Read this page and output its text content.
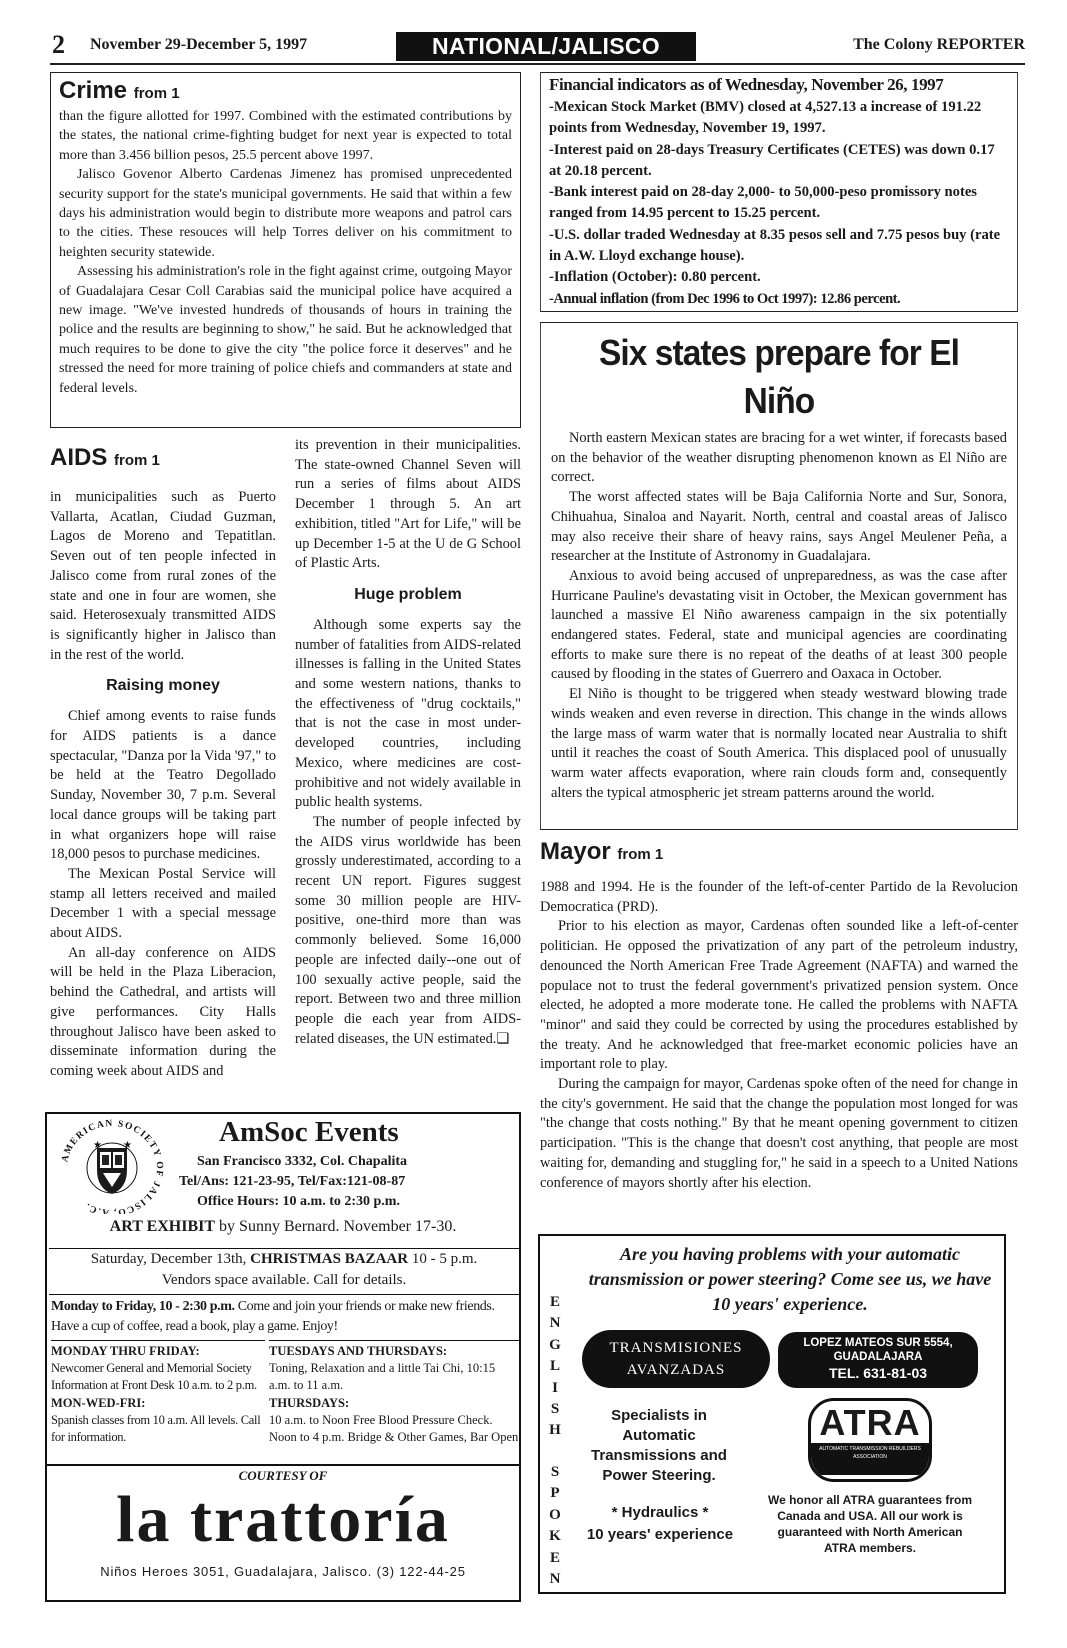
2 November 29-December 5, 1997	NATIONAL/JALISCO	The Colony REPORTER
Crime from 1

than the figure allotted for 1997. Combined with the estimated contributions by the states, the national crime-fighting budget for next year is expected to total more than 3.456 billion pesos, 25.5 percent above 1997.

Jalisco Govenor Alberto Cardenas Jimenez has promised unprecedented security support for the state's municipal governments. He said that within a few days his administration would begin to distribute more weapons and patrol cars to the cities. These resouces will help Torres deliver on his commitment to heighten security statewide.

Assessing his administration's role in the fight against crime, outgoing Mayor of Guadalajara Cesar Coll Carabias said the municipal police have acquired a new image. "We've invested hundreds of thousands of hours in training the police and the results are beginning to show," he said. But he acknowledged that much requires to be done to give the city "the police force it deserves" and he stressed the need for more training of police chiefs and commanders at state and federal levels.

AIDS from 1

in municipalities such as Puerto Vallarta, Acatlan, Ciudad Guzman, Lagos de Moreno and Tepatitlan. Seven out of ten people infected in Jalisco come from rural zones of the state and one in four are women, she said. Heterosexualy transmitted AIDS is significantly higher in Jalisco than in the rest of the world.

Raising money

Chief among events to raise funds for AIDS patients is a dance spectacular, "Danza por la Vida '97," to be held at the Teatro Degollado Sunday, November 30, 7 p.m. Several local dance groups will be taking part in what organizers hope will raise 18,000 pesos to purchase medicines.

The Mexican Postal Service will stamp all letters received and mailed December 1 with a special message about AIDS.

An all-day conference on AIDS will be held in the Plaza Liberacion, behind the Cathedral, and artists will give performances. City Halls throughout Jalisco have been asked to disseminate information during the coming week about AIDS and

its prevention in their municipalities. The state-owned Channel Seven will run a series of films about AIDS December 1 through 5. An art exhibition, titled "Art for Life," will be up December 1-5 at the U de G School of Plastic Arts.

Huge problem

Although some experts say the number of fatalities from AIDS-related illnesses is falling in the United States and some western nations, thanks to the effectiveness of "drug cocktails," that is not the case in most under-developed countries, including Mexico, where medicines are cost-prohibitive and not widely available in public health systems.

The number of people infected by the AIDS virus worldwide has been grossly underestimated, according to a recent UN report. Figures suggest some 30 million people are HIV-positive, one-third more than was commonly believed. Some 16,000 people are infected daily--one out of 100 sexually active people, said the report. Between two and three million people die each year from AIDS-related diseases, the UN estimated.❑

Financial indicators as of Wednesday, November 26, 1997

-Mexican Stock Market (BMV) closed at 4,527.13 a increase of 191.22 points from Wednesday, November 19, 1997.

-Interest paid on 28-days Treasury Certificates (CETES) was down 0.17 at 20.18 percent.

-Bank interest paid on 28-day 2,000- to 50,000-peso promissory notes ranged from 14.95 percent to 15.25 percent.

-U.S. dollar traded Wednesday at 8.35 pesos sell and 7.75 pesos buy (rate in A.W. Lloyd exchange house).

-Inflation (October): 0.80 percent.

-Annual inflation (from Dec 1996 to Oct 1997): 12.86 percent.

Six states prepare for El Niño

North eastern Mexican states are bracing for a wet winter, if forecasts based on the behavior of the weather disrupting phenomenon known as El Niño are correct.

The worst affected states will be Baja California Norte and Sur, Sonora, Chihuahua, Sinaloa and Nayarit. North, central and coastal areas of Jalisco may also receive their share of heavy rains, says Angel Meulener Peña, a researcher at the Institute of Astronomy in Guadalajara.

Anxious to avoid being accused of unpreparedness, as was the case after Hurricane Pauline's devastating visit in October, the Mexican government has launched a massive El Niño awareness campaign in the six potentially endangered states. Federal, state and municipal agencies are coordinating efforts to make sure there is no repeat of the deaths of at least 300 people caused by flooding in the states of Guerrero and Oaxaca in October.

El Niño is thought to be triggered when steady westward blowing trade winds weaken and even reverse in direction. This change in the winds allows the large mass of warm water that is normally located near Australia to shift until it reaches the coast of South America. This displaced pool of unusually warm water affects evaporation, where rain clouds form and, consequently alters the typical atmospheric jet stream patterns around the world.

Mayor from 1

1988 and 1994. He is the founder of the left-of-center Partido de la Revolucion Democratica (PRD).

Prior to his election as mayor, Cardenas often sounded like a left-of-center politician. He opposed the privatization of any part of the petroleum industry, denounced the North American Free Trade Agreement (NAFTA) and warned the populace not to trust the federal government's privatized pension system. Once elected, he adopted a more moderate tone. He called the problems with NAFTA "minor" and said they could be corrected by using the procedures established by the treaty. And he acknowledged that free-market economic policies have an important role to play.

During the campaign for mayor, Cardenas spoke often of the need for change in the city's government. He said that the change the population most longed for was "the change that costs nothing." By that he meant opening government to citizen participation. "This is the change that doesn't cost anything, that people are most waiting for, demanding and stuggling for," he said in a speech to a United Nations conference of mayors shortly after his election.

AMERICAN SOCIETY OF JALISCO, A.C.
★ ★	AmSoc Events
San Francisco 3332, Col. Chapalita
Tel/Ans: 121-23-95, Tel/Fax:121-08-87
Office Hours: 10 a.m. to 2:30 p.m.
ART EXHIBIT by Sunny Bernard. November 17-30.
Saturday, December 13th, CHRISTMAS BAZAAR 10 - 5 p.m.
Vendors space available. Call for details.
Monday to Friday, 10 - 2:30 p.m. Come and join your friends or make new friends. Have a cup of coffee, read a book, play a game. Enjoy!
MONDAY THRU FRIDAY:
Newcomer General and Memorial Society Information at Front Desk 10 a.m. to 2 p.m.
MON-WED-FRI:
Spanish classes from 10 a.m. All levels. Call for information.
TUESDAYS AND THURSDAYS:
Toning, Relaxation and a little Tai Chi, 10:15 a.m. to 11 a.m.
THURSDAYS:
10 a.m. to Noon Free Blood Pressure Check. Noon to 4 p.m. Bridge & Other Games, Bar Open
COURTESY OF
la trattoría
Niños Heroes 3051, Guadalajara, Jalisco. (3) 122-44-25
Are you having problems with your automatic transmission or power steering? Come see us, we have 10 years' experience.
E
N
G
L
I
S
H
S
P
O
K
E
N
TRANSMISIONES AVANZADAS
LOPEZ MATEOS SUR 5554, GUADALAJARA
TEL. 631-81-03
Specialists in Automatic Transmissions and Power Steering.
* Hydraulics *
10 years' experience
ATRA
AUTOMATIC TRANSMISSION REBUILDERS ASSOCIATION
We honor all ATRA guarantees from Canada and USA. All our work is guaranteed with North American ATRA members.
